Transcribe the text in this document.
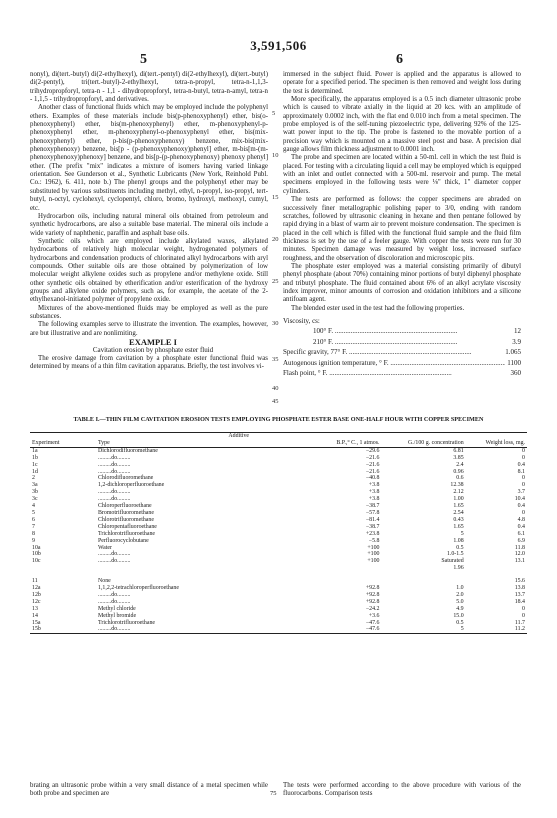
3,591,506
5	6

nonyl), di(tert.-butyl) di(2-ethylhexyl), di(tert.-pentyl) di(2-ethylhexyl), di(tert.-butyl) di(2-pentyl), tri(tert.-butyl)-2-ethylhexyl, tetra-n-propyl, tetra-n-1,1,3-trihydropropforyl, tetra-n - 1,1 - dihydropropforyl, tetra-n-butyl, tetra-n-amyl, tetra-n - 1,1,5 - trihydropropforyl, and derivatives.

Another class of functional fluids which may be employed include the polyphenyl ethers. Examples of these materials include bis(p-phenoxyphenyl) ether, bis(o-phenoxyphenyl) ether, bis(m-phenoxyphenyl) ether, m-phenoxyphenyl-p-phenoxyphenyl ether, m-phenoxyphenyl-o-phenoxyphenyl ether, bis(mix-phenoxyphenyl) ether, p-bis(p-phenoxyphenoxy) benzene, mix-bis(mix-phenoxyphenoxy) benzene, bis[p - (p-phenoxyphenoxy)phenyl] ether, m-bis[m-(m-phenoxyphenoxy)phenoxy] benzene, and bis[p-(p-phenoxyphenoxy) phenoxy phenyl] ether. (The prefix "mix" indicates a mixture of isomers having varied linkage orientation. See Gunderson et al., Synthetic Lubricants (New York, Reinhold Publ. Co.: 1962), 6. 411, note b.) The phenyl groups and the polyphenyl ether may be substituted by various substituents including methyl, ethyl, n-propyl, iso-propyl, tert-butyl, n-octyl, cyclohexyl, cyclopentyl, chloro, bromo, hydroxyl, methoxyl, cumyl, etc.

Hydrocarbon oils, including natural mineral oils obtained from petroleum and synthetic hydrocarbons, are also a suitable base material. The mineral oils include a wide variety of naphthenic, paraffin and asphalt base oils.

Synthetic oils which are employed include alkylated waxes, alkylated hydrocarbons of relatively high molecular weight, hydrogenated polymers of hydrocarbons and condensation products of chlorinated alkyl hydrocarbons with aryl compounds. Other suitable oils are those obtained by polymerization of low molecular weight alkylene oxides such as propylene and/or methylene oxide. Still other synthetic oils obtained by etherification and/or esterification of the hydroxy groups and alkylene oxide polymers, such as, for example, the acetate of the 2-ethylhexanol-initiated polymer of propylene oxide.

Mixtures of the above-mentioned fluids may be employed as well as the pure substances.

The following examples serve to illustrate the invention. The examples, however, are but illustrative and are nonlimiting.

EXAMPLE I

Cavitation erosion by phosphate ester fluid

The erosive damage from cavitation by a phosphate ester functional fluid was determined by means of a thin film cavitation apparatus. Briefly, the test involves vi-

5
10
15
20
25
30
35
40
45

immersed in the subject fluid. Power is applied and the apparatus is allowed to operate for a specified period. The specimen is then removed and weight loss during the test is determined.

More specifically, the apparatus employed is a 0.5 inch diameter ultrasonic probe which is caused to vibrate axially in the liquid at 20 kcs. with an amplitude of approximately 0.0002 inch, with the flat end 0.010 inch from a metal specimen. The probe employed is of the self-tuning piezoelectric type, delivering 92% of the 125-watt power input to the tip. The probe is fastened to the movable portion of a precision way which is mounted on a massive steel post and base. A precision dial gauge allows film thickness adjustment to 0.0001 inch.

The probe and specimen are located within a 50-ml. cell in which the test fluid is placed. For testing with a circulating liquid a cell may be employed which is equipped with an inlet and outlet connected with a 500-ml. reservoir and pump. The metal specimens employed in the following tests were ⅛" thick, 1" diameter copper cylinders.

The tests are performed as follows: the copper specimens are abraded on successively finer metallographic polishing paper to 3/0, ending with random scratches, followed by ultrasonic cleaning in hexane and then pentane followed by rapid drying in a blast of warm air to prevent moisture condensation. The specimen is placed in the cell which is filled with the functional fluid sample and the fluid film thickness is set by the use of a feeler gauge. With copper the tests were run for 30 minutes. Specimen damage was measured by weight loss, increased surface roughness, and the observation of discoloration and microscopic pits.

The phosphate ester employed was a material consisting primarily of dibutyl phenyl phosphate (about 70%) containing minor portions of butyl diphenyl phosphate and tributyl phosphate. The fluid contained about 6% of an alkyl acrylate viscosity index improver, minor amounts of corrosion and oxidation inhibitors and a silicone antifoam agent.

The blended ester used in the test had the following properties.

Viscosity, cs:
100° F. .....	12
210° F. .....	3.9
Specific gravity, 77° F. .....	1.065
Autogenous ignition temperature, ° F. .....	1100
Flash point, ° F. .....	360
TABLE I.—THIN FILM CAVITATION EROSION TESTS EMPLOYING PHOSPHATE ESTER BASE ONE-HALF HOUR WITH COPPER SPECIMEN
	Additive			
Experiment	Type	B.P.,° C., 1 atmos.	G./100 g. concentration	Weight loss, mg.
1a	Dichlorodifluoromethane	−29.6	6.81	0
1b	.........do.........	−21.6	3.85	0
1c	.........do.........	−21.6	2.4	0.4
1d	.........do.........	−21.6	0.96	8.1
2	Chlorodifluoromethane	−40.8	0.6	0
3a	1,2-dichloroperfluoroethane	+3.8	12.38	0
3b	.........do.........	+3.8	2.12	3.7
3c	.........do.........	+3.8	1.00	10.4
4	Chloroperfluoroethane	−38.7	1.65	0.4
5	Bromotrifluoromethane	−57.8	2.54	0
6	Chlorotrifluoromethane	−81.4	0.43	4.8
7	Chloropentafluoroethane	−38.7	1.65	0.4
8	Trichlorotrifluoroethane	+23.8	5	6.1
9	Perfluorocyclobutane	−5.8	1.08	6.9
10a	Water	+100	0.5	11.8
10b	.........do.........	+100	1.0-1.5	12.0
10c	.........do.........	+100	Saturated	13.1
			1.96	

11	None			15.6
12a	1,1,2,2-tetrachloroperfluoroethane	+92.8	1.0	13.8
12b	.........do.........	+92.8	2.0	13.7
12c	.........do.........	+92.8	5.0	18.4
13	Methyl chloride	−24.2	4.9	0
14	Methyl bromide	+3.6	15.0	0
15a	Trichlorotrifluoroethane	−47.6	0.5	11.7
15b	.........do.........	−47.6	5	11.2
brating an ultrasonic probe within a very small distance of a metal specimen while both probe and specimen are	75
The tests were performed according to the above procedure with various of the fluorocarbons. Comparison tests
